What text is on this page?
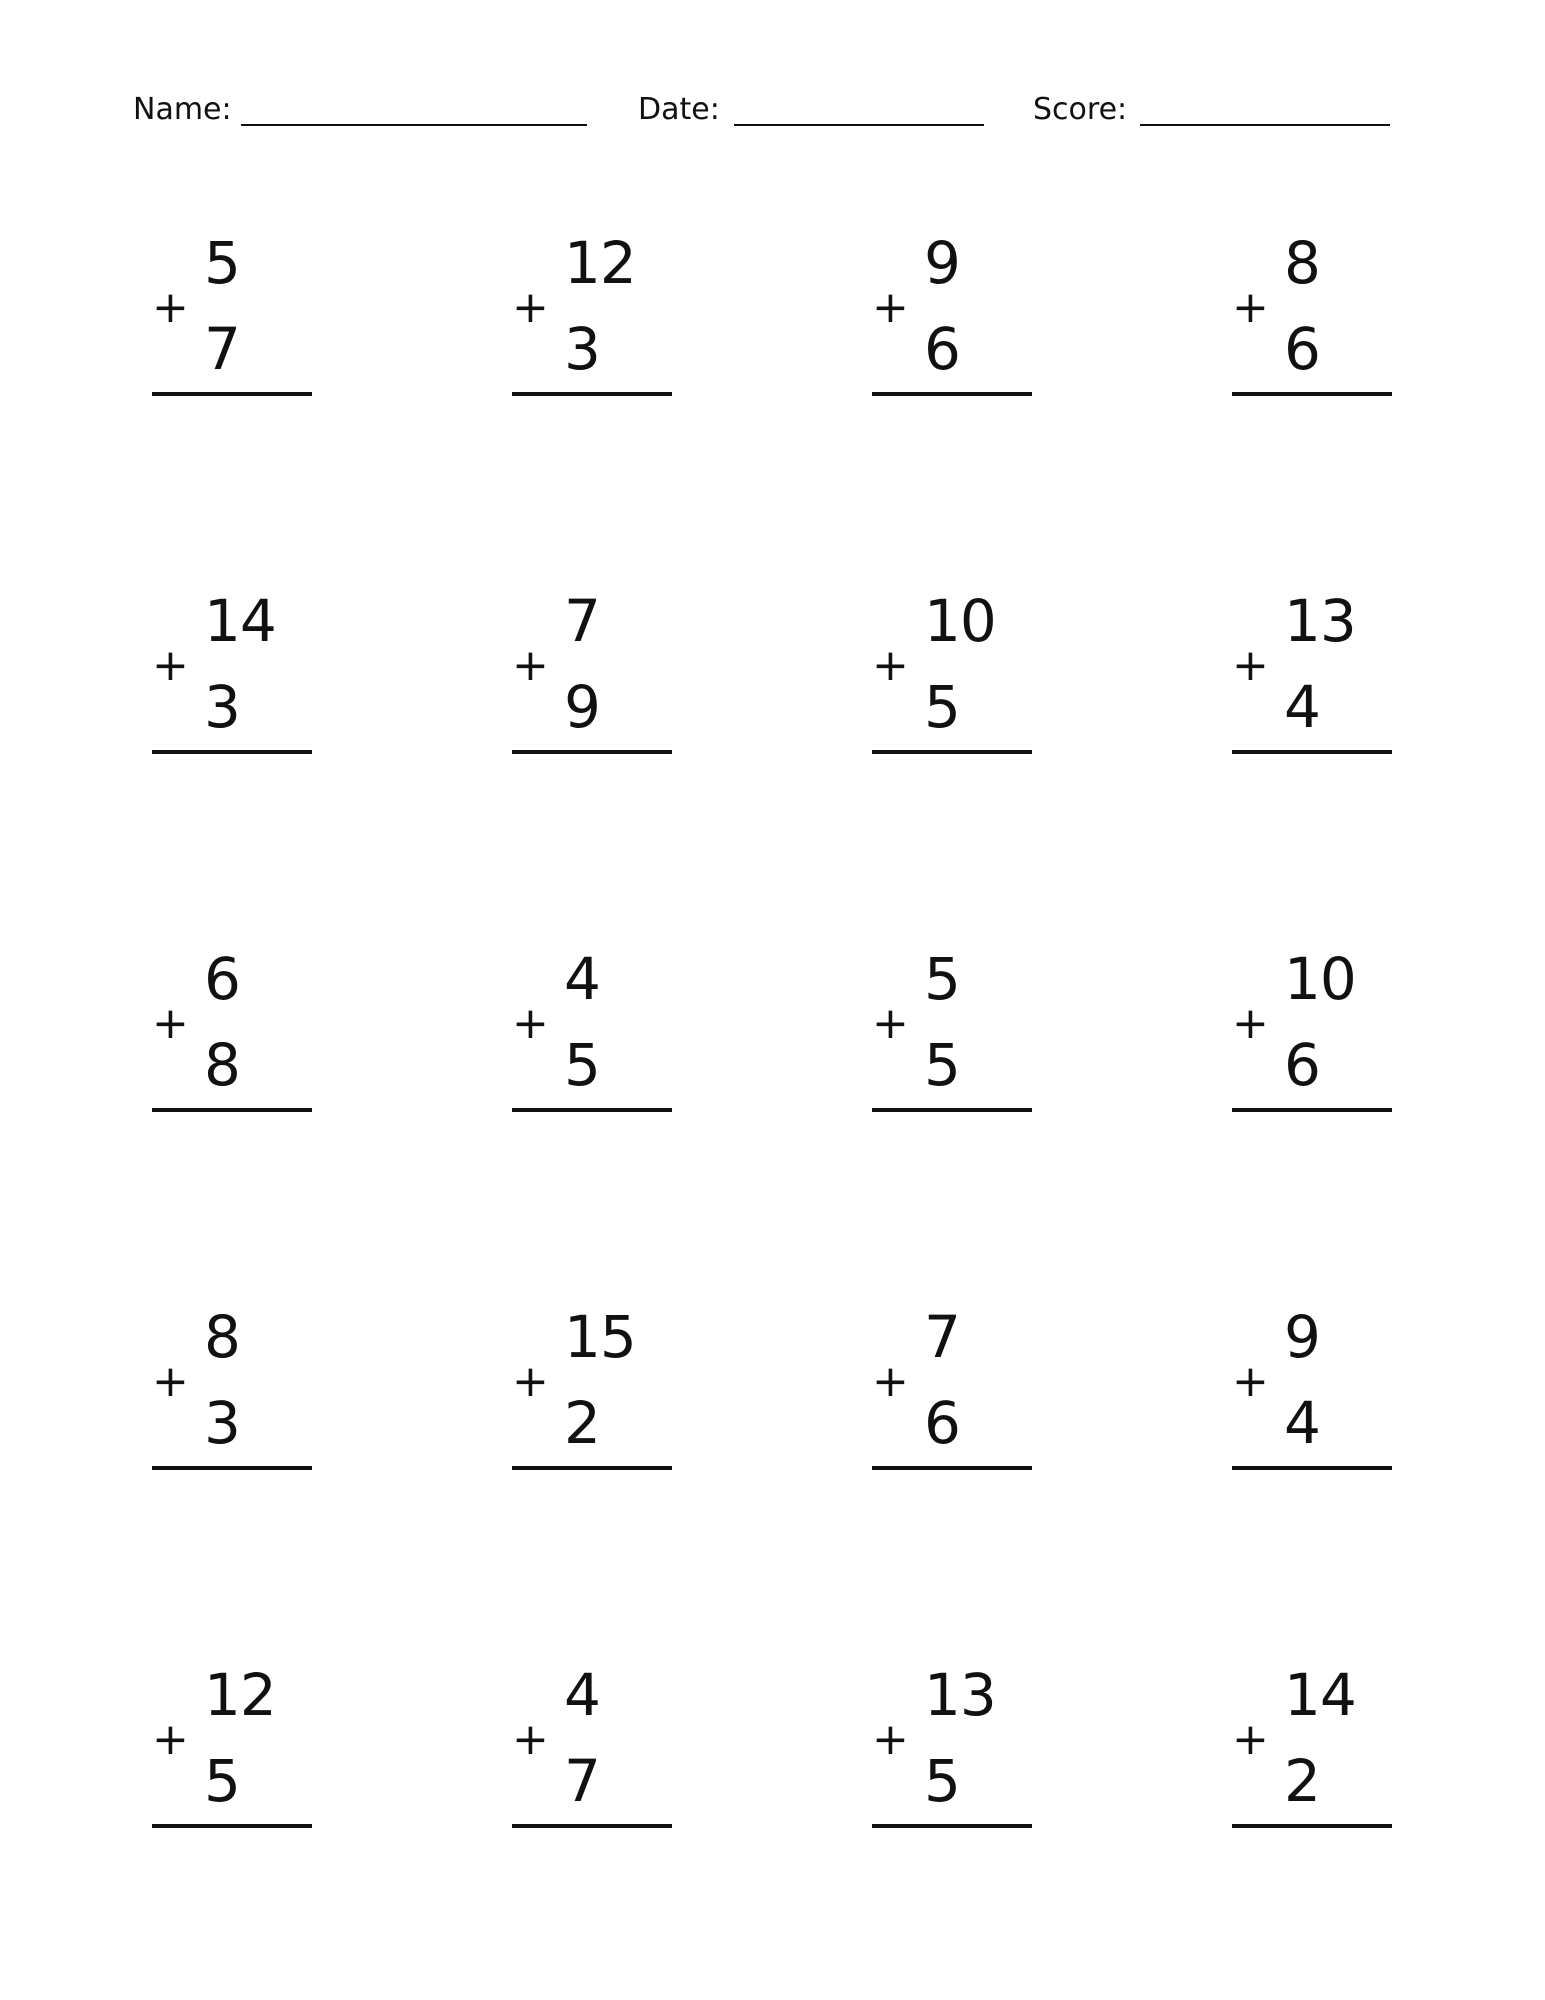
Name:	Date:	Score:
5
+
7
12
+
3
9
+
6
8
+
6
14
+
3
7
+
9
10
+
5
13
+
4
6
+
8
4
+
5
5
+
5
10
+
6
8
+
3
15
+
2
7
+
6
9
+
4
12
+
5
4
+
7
13
+
5
14
+
2
